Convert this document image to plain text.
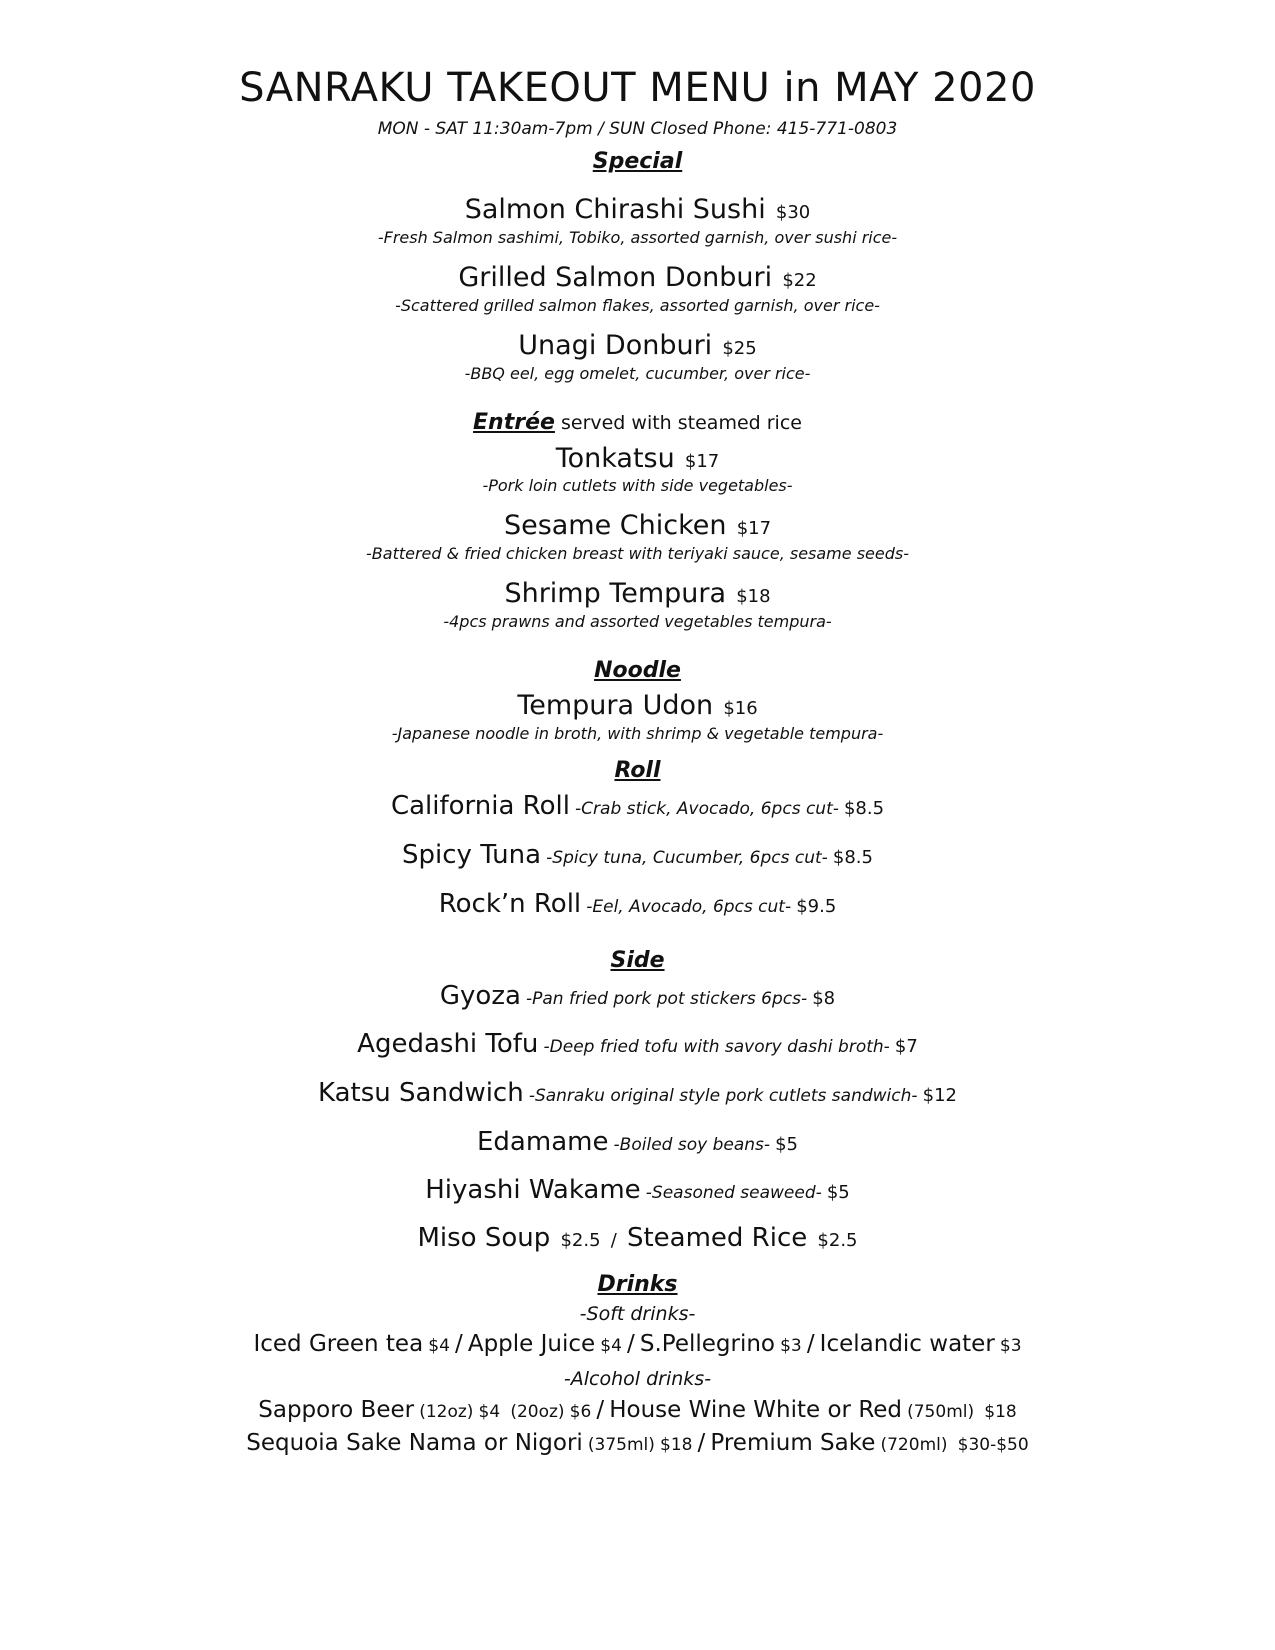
SANRAKU TAKEOUT MENU in MAY 2020
MON - SAT 11:30am-7pm / SUN Closed Phone: 415-771-0803
Special
Salmon Chirashi Sushi $30
-Fresh Salmon sashimi, Tobiko, assorted garnish, over sushi rice-
Grilled Salmon Donburi $22
-Scattered grilled salmon flakes, assorted garnish, over rice-
Unagi Donburi $25
-BBQ eel, egg omelet, cucumber, over rice-
Entrée served with steamed rice
Tonkatsu $17
-Pork loin cutlets with side vegetables-
Sesame Chicken $17
-Battered & fried chicken breast with teriyaki sauce, sesame seeds-
Shrimp Tempura $18
-4pcs prawns and assorted vegetables tempura-
Noodle
Tempura Udon $16
-Japanese noodle in broth, with shrimp & vegetable tempura-
Roll
California Roll -Crab stick, Avocado, 6pcs cut- $8.5
Spicy Tuna -Spicy tuna, Cucumber, 6pcs cut- $8.5
Rock’n Roll -Eel, Avocado, 6pcs cut- $9.5
Side
Gyoza -Pan fried pork pot stickers 6pcs- $8
Agedashi Tofu -Deep fried tofu with savory dashi broth- $7
Katsu Sandwich -Sanraku original style pork cutlets sandwich- $12
Edamame -Boiled soy beans- $5
Hiyashi Wakame -Seasoned seaweed- $5
Miso Soup $2.5 / Steamed Rice $2.5
Drinks
-Soft drinks-
Iced Green tea $4 / Apple Juice $4 / S.Pellegrino $3 / Icelandic water $3
-Alcohol drinks-
Sapporo Beer (12oz) $4 (20oz) $6 / House Wine White or Red (750ml) $18
Sequoia Sake Nama or Nigori (375ml) $18 / Premium Sake (720ml) $30-$50
